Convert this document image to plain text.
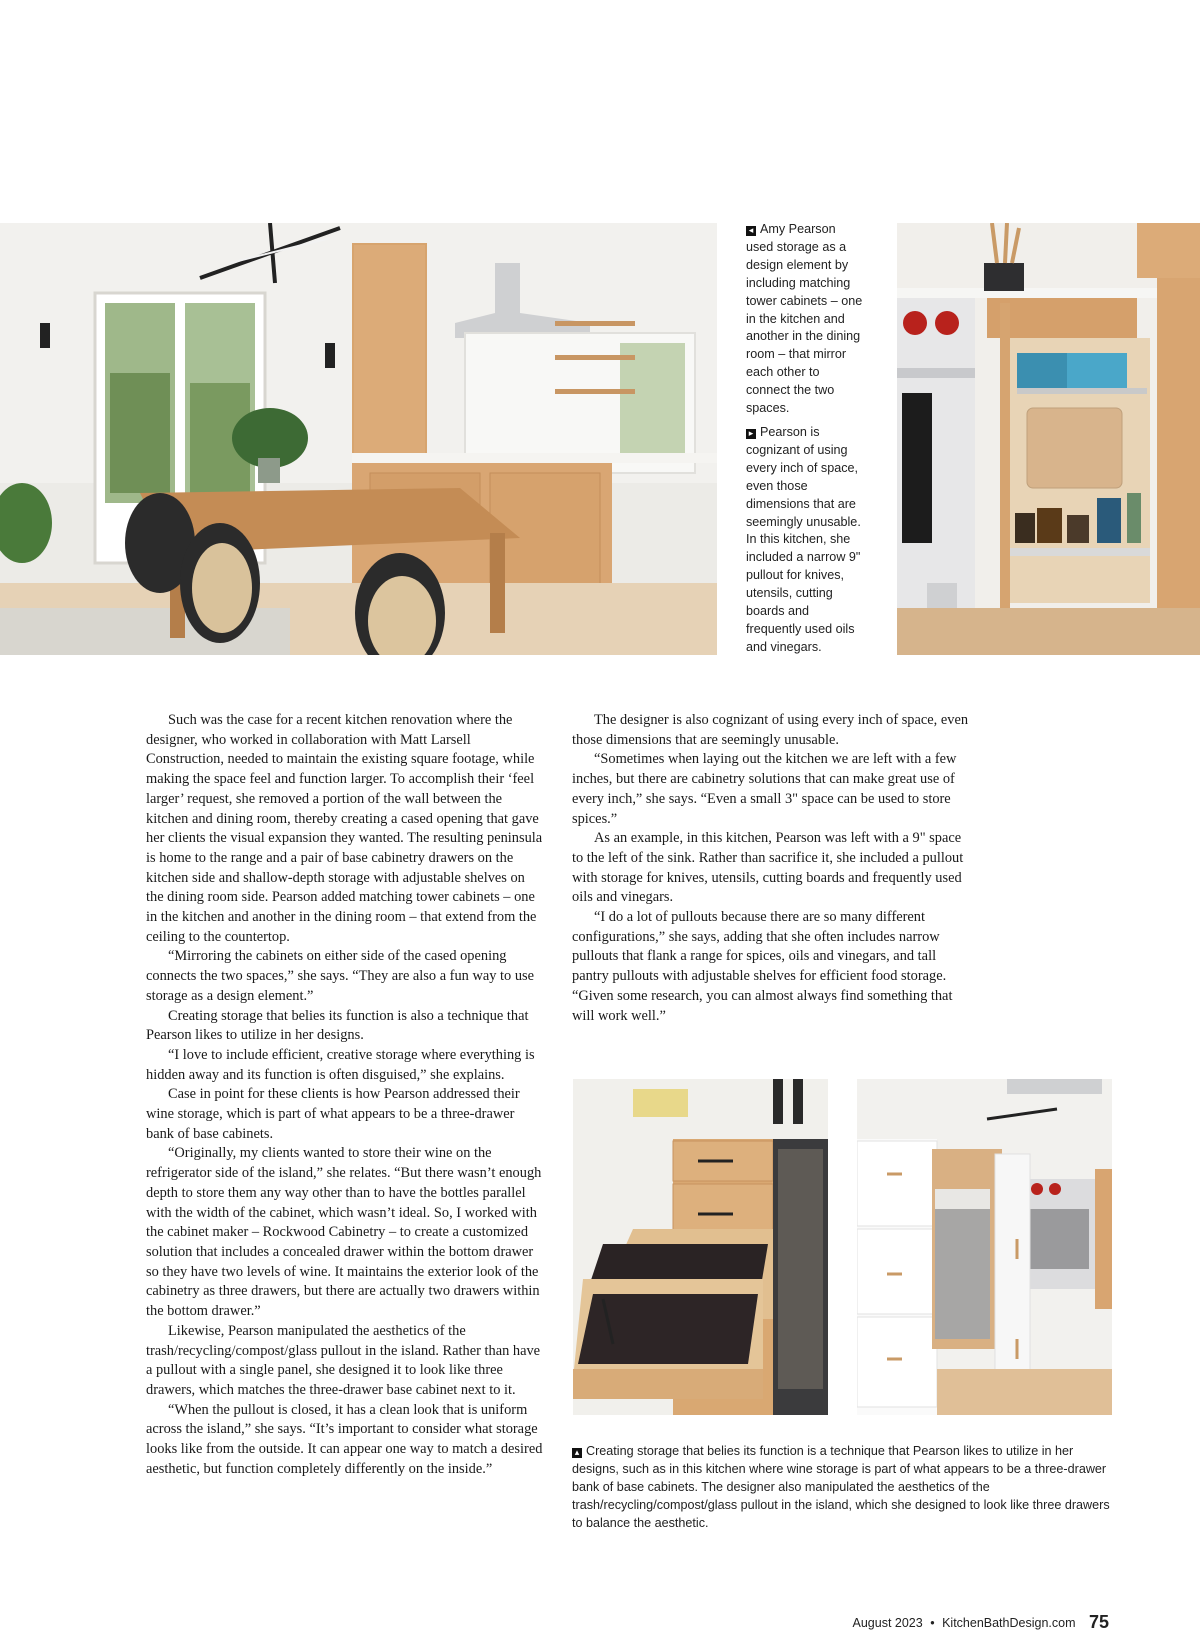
◂ Amy Pearson used storage as a design element by including matching tower cabinets – one in the kitchen and another in the dining room – that mirror each other to connect the two spaces.

▸ Pearson is cognizant of using every inch of space, even those dimensions that are seemingly unusable. In this kitchen, she included a narrow 9" pullout for knives, utensils, cutting boards and frequently used oils and vinegars.

Such was the case for a recent kitchen renovation where the designer, who worked in collaboration with Matt Larsell Construction, needed to maintain the existing square footage, while making the space feel and function larger. To accomplish their ‘feel larger’ request, she removed a portion of the wall between the kitchen and dining room, thereby creating a cased opening that gave her clients the visual expansion they wanted. The resulting peninsula is home to the range and a pair of base cabinetry drawers on the kitchen side and shallow-depth storage with adjustable shelves on the dining room side. Pearson added matching tower cabinets – one in the kitchen and another in the dining room – that extend from the ceiling to the countertop.

“Mirroring the cabinets on either side of the cased opening connects the two spaces,” she says. “They are also a fun way to use storage as a design element.”

Creating storage that belies its function is also a technique that Pearson likes to utilize in her designs.

“I love to include efficient, creative storage where everything is hidden away and its function is often disguised,” she explains.

Case in point for these clients is how Pearson addressed their wine storage, which is part of what appears to be a three-drawer bank of base cabinets.

“Originally, my clients wanted to store their wine on the refrigerator side of the island,” she relates. “But there wasn’t enough depth to store them any way other than to have the bottles parallel with the width of the cabinet, which wasn’t ideal. So, I worked with the cabinet maker – Rockwood Cabinetry – to create a customized solution that includes a concealed drawer within the bottom drawer so they have two levels of wine. It maintains the exterior look of the cabinetry as three drawers, but there are actually two drawers within the bottom drawer.”

Likewise, Pearson manipulated the aesthetics of the trash/recycling/compost/glass pullout in the island. Rather than have a pullout with a single panel, she designed it to look like three drawers, which matches the three-drawer base cabinet next to it.

“When the pullout is closed, it has a clean look that is uniform across the island,” she says. “It’s important to consider what storage looks like from the outside. It can appear one way to match a desired aesthetic, but function completely differently on the inside.”

The designer is also cognizant of using every inch of space, even those dimensions that are seemingly unusable.

“Sometimes when laying out the kitchen we are left with a few inches, but there are cabinetry solutions that can make great use of every inch,” she says. “Even a small 3" space can be used to store spices.”

As an example, in this kitchen, Pearson was left with a 9" space to the left of the sink. Rather than sacrifice it, she included a pullout with storage for knives, utensils, cutting boards and frequently used oils and vinegars.

“I do a lot of pullouts because there are so many different configurations,” she says, adding that she often includes narrow pullouts that flank a range for spices, oils and vinegars, and tall pantry pullouts with adjustable shelves for efficient food storage. “Given some research, you can almost always find something that will work well.”

▴ Creating storage that belies its function is a technique that Pearson likes to utilize in her designs, such as in this kitchen where wine storage is part of what appears to be a three-drawer bank of base cabinets. The designer also manipulated the aesthetics of the trash/recycling/compost/glass pullout in the island, which she designed to look like three drawers to balance the aesthetic.

August 2023 • KitchenBathDesign.com 75
